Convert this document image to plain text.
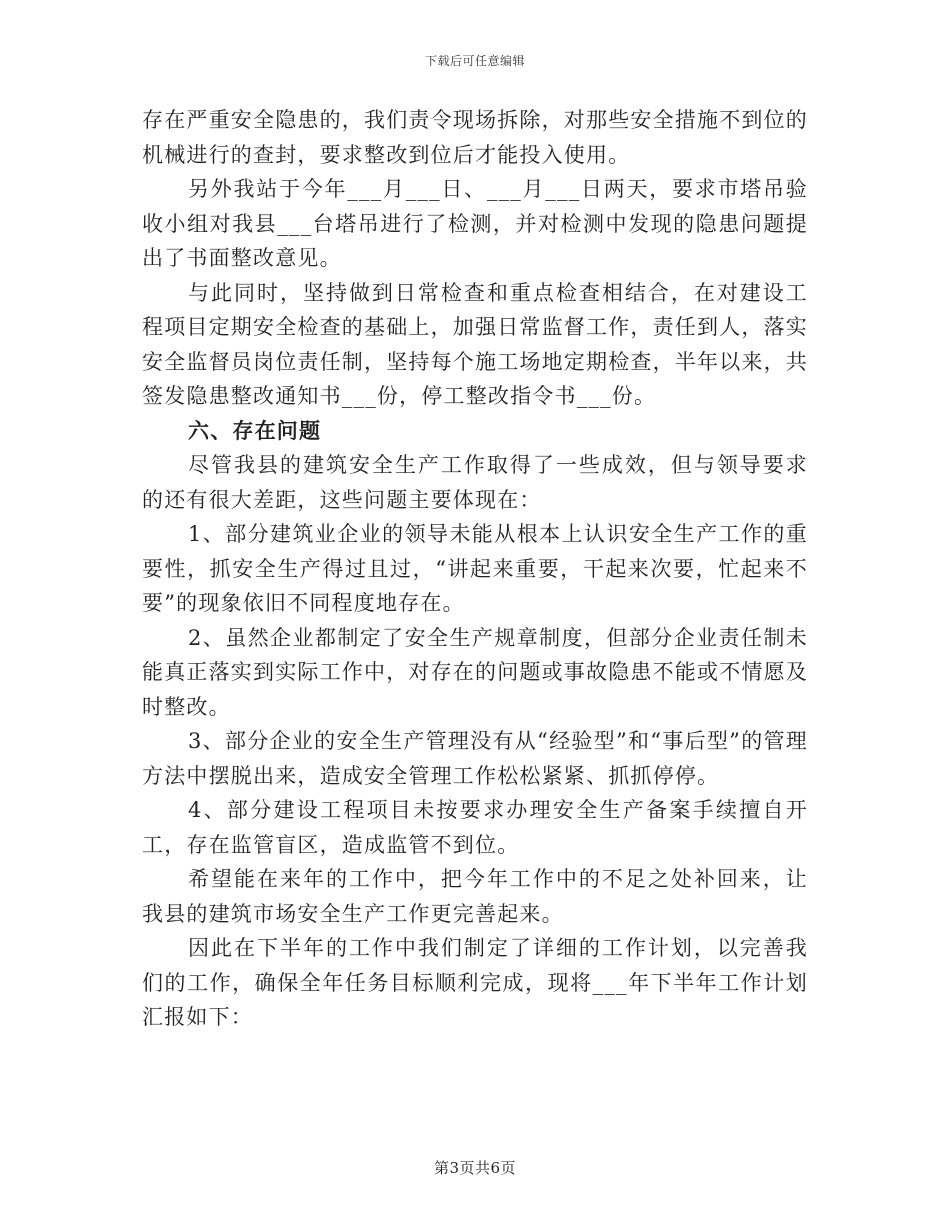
下载后可任意编辑

存在严重安全隐患的，我们责令现场拆除，对那些安全措施不到位的机械进行的查封，要求整改到位后才能投入使用。

另外我站于今年___月___日、___月___日两天，要求市塔吊验收小组对我县___台塔吊进行了检测，并对检测中发现的隐患问题提出了书面整改意见。

与此同时，坚持做到日常检查和重点检查相结合，在对建设工程项目定期安全检查的基础上，加强日常监督工作，责任到人，落实安全监督员岗位责任制，坚持每个施工场地定期检查，半年以来，共签发隐患整改通知书___份，停工整改指令书___份。

六、存在问题

尽管我县的建筑安全生产工作取得了一些成效，但与领导要求的还有很大差距，这些问题主要体现在：

1、部分建筑业企业的领导未能从根本上认识安全生产工作的重要性，抓安全生产得过且过，“讲起来重要，干起来次要，忙起来不要”的现象依旧不同程度地存在。

2、虽然企业都制定了安全生产规章制度，但部分企业责任制未能真正落实到实际工作中，对存在的问题或事故隐患不能或不情愿及时整改。

3、部分企业的安全生产管理没有从“经验型”和“事后型”的管理方法中摆脱出来，造成安全管理工作松松紧紧、抓抓停停。

4、部分建设工程项目未按要求办理安全生产备案手续擅自开工，存在监管盲区，造成监管不到位。

希望能在来年的工作中，把今年工作中的不足之处补回来，让我县的建筑市场安全生产工作更完善起来。

因此在下半年的工作中我们制定了详细的工作计划，以完善我们的工作，确保全年任务目标顺利完成，现将___年下半年工作计划汇报如下：

第3页共6页
